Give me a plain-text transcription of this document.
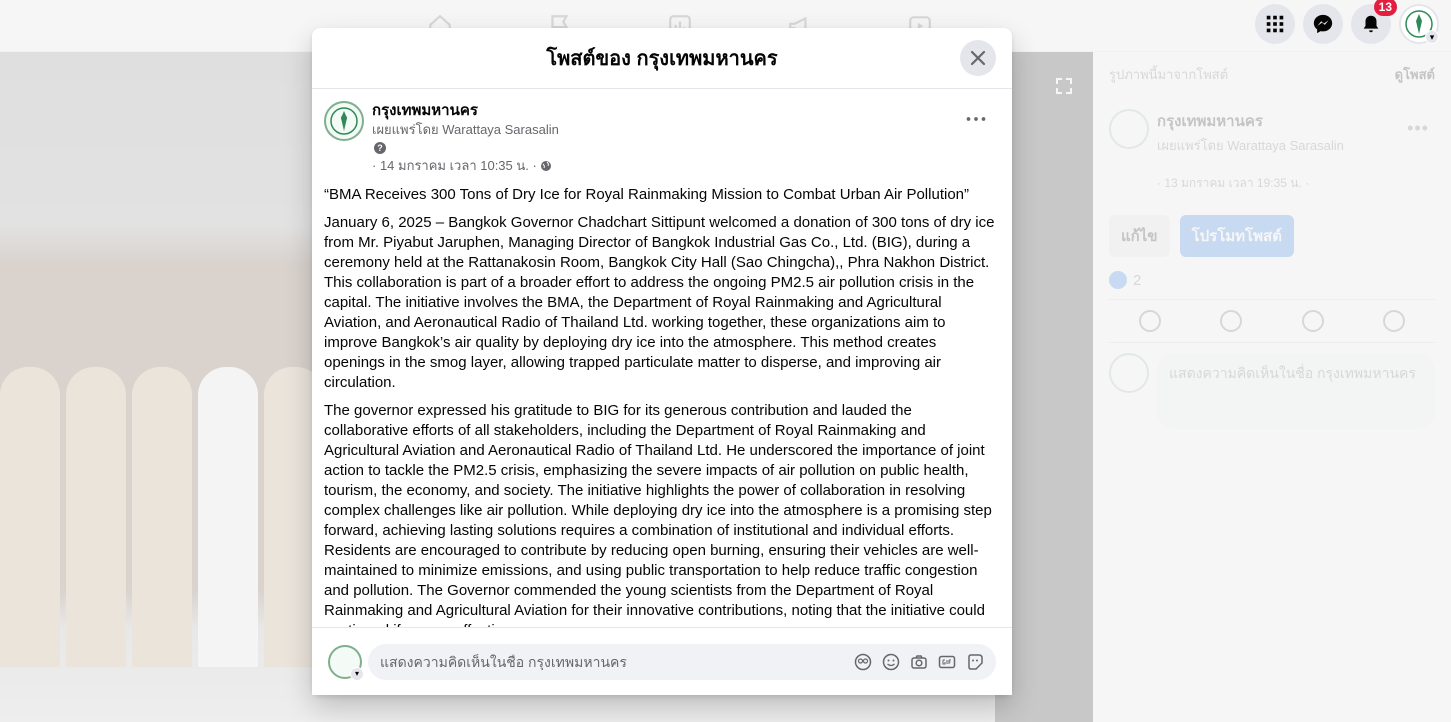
13
▾
โพสต์ของ กรุงเทพมหานคร
กรุงเทพมหานคร
เผยแพร่โดย Warattaya Sarasalin
?
· 14 มกราคม เวลา 10:35 น. ·

“BMA Receives 300 Tons of Dry Ice for Royal Rainmaking Mission to Combat Urban Air Pollution”

January 6, 2025 – Bangkok Governor Chadchart Sittipunt welcomed a donation of 300 tons of dry ice from Mr. Piyabut Jaruphen, Managing Director of Bangkok Industrial Gas Co., Ltd. (BIG), during a ceremony held at the Rattanakosin Room, Bangkok City Hall (Sao Chingcha),, Phra Nakhon District. This collaboration is part of a broader effort to address the ongoing PM2.5 air pollution crisis in the capital. The initiative involves the BMA, the Department of Royal Rainmaking and Agricultural Aviation, and Aeronautical Radio of Thailand Ltd. working together, these organizations aim to improve Bangkok’s air quality by deploying dry ice into the atmosphere. This method creates openings in the smog layer, allowing trapped particulate matter to disperse, and improving air circulation.

The governor expressed his gratitude to BIG for its generous contribution and lauded the collaborative efforts of all stakeholders, including the Department of Royal Rainmaking and Agricultural Aviation and Aeronautical Radio of Thailand Ltd. He underscored the importance of joint action to tackle the PM2.5 crisis, emphasizing the severe impacts of air pollution on public health, tourism, the economy, and society. The initiative highlights the power of collaboration in resolving complex challenges like air pollution. While deploying dry ice into the atmosphere is a promising step forward, achieving lasting solutions requires a combination of institutional and individual efforts. Residents are encouraged to contribute by reducing open burning, ensuring their vehicles are well-maintained to minimize emissions, and using public transportation to help reduce traffic congestion and pollution. The Governor commended the young scientists from the Department of Royal Rainmaking and Agricultural Aviation for their innovative contributions, noting that the initiative could

▾
แสดงความคิดเห็นในชื่อ กรุงเทพมหานคร
